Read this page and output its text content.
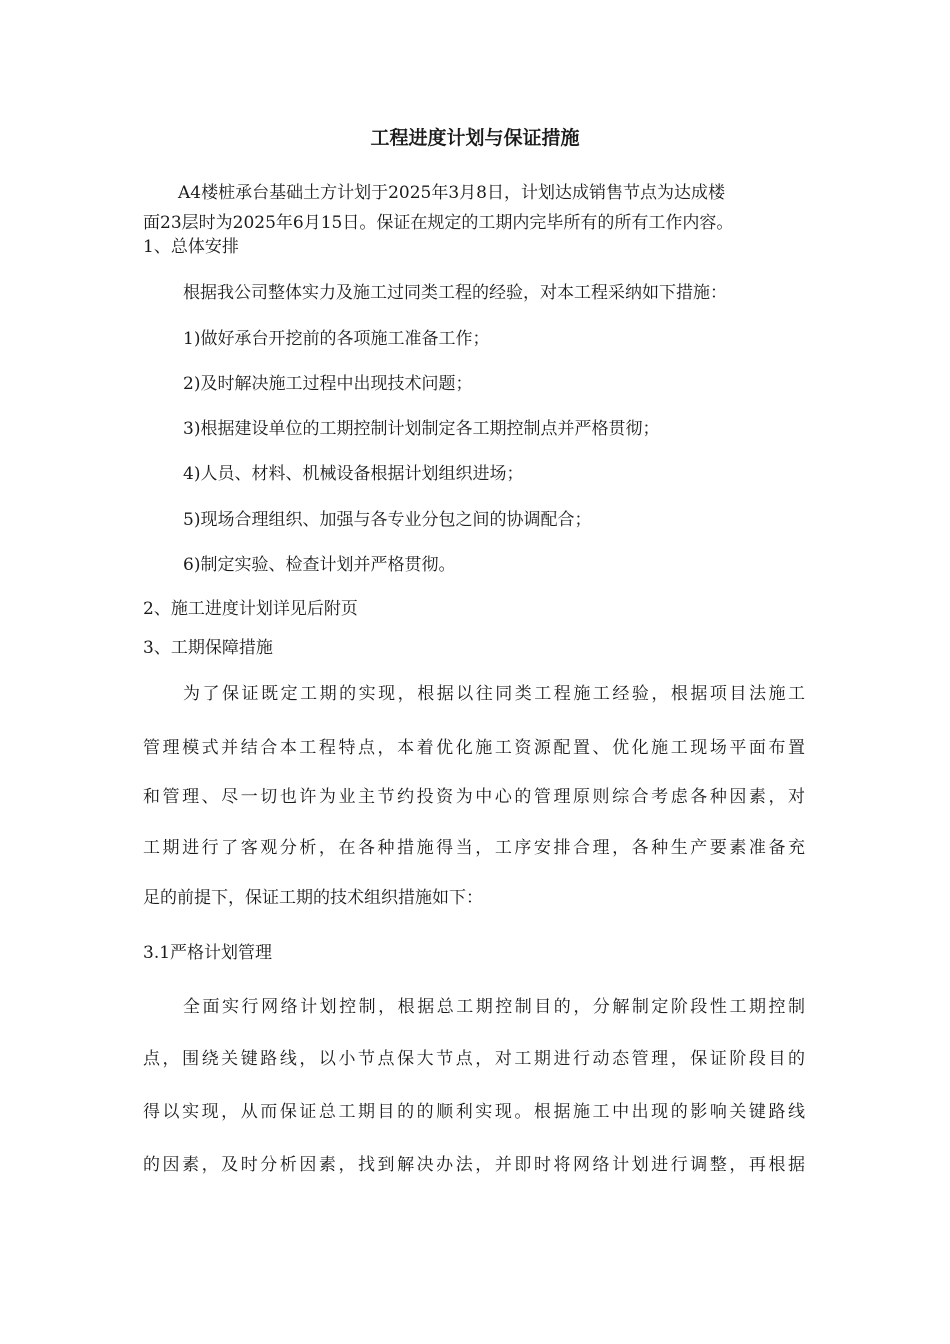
工程进度计划与保证措施
A4楼桩承台基础土方计划于2025年3月8日，计划达成销售节点为达成楼
面23层时为2025年6月15日。保证在规定的工期内完毕所有的所有工作内容。
1、总体安排
根据我公司整体实力及施工过同类工程的经验，对本工程采纳如下措施：
1)做好承台开挖前的各项施工准备工作；
2)及时解决施工过程中出现技术问题；
3)根据建设单位的工期控制计划制定各工期控制点并严格贯彻；
4)人员、材料、机械设备根据计划组织进场；
5)现场合理组织、加强与各专业分包之间的协调配合；
6)制定实验、检查计划并严格贯彻。
2、施工进度计划详见后附页
3、工期保障措施
为了保证既定工期的实现，根据以往同类工程施工经验，根据项目法施工
管理模式并结合本工程特点，本着优化施工资源配置、优化施工现场平面布置
和管理、尽一切也许为业主节约投资为中心的管理原则综合考虑各种因素，对
工期进行了客观分析，在各种措施得当，工序安排合理，各种生产要素准备充
足的前提下，保证工期的技术组织措施如下：
3.1严格计划管理
全面实行网络计划控制，根据总工期控制目的，分解制定阶段性工期控制
点，围绕关键路线，以小节点保大节点，对工期进行动态管理，保证阶段目的
得以实现，从而保证总工期目的的顺利实现。根据施工中出现的影响关键路线
的因素，及时分析因素，找到解决办法，并即时将网络计划进行调整，再根据
